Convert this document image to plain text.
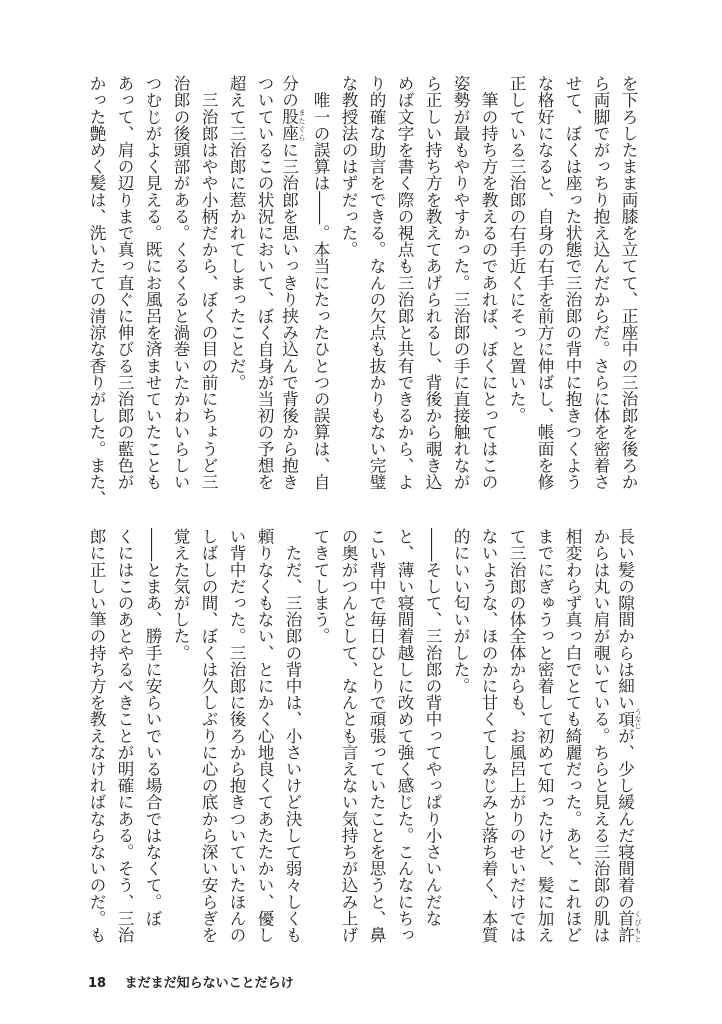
を下ろしたまま両膝を立てて、正座中の三治郎を後ろか
ら両脚でがっちり抱え込んだからだ。さらに体を密着さ
せて、ぼくは座った状態で三治郎の背中に抱きつくよう
な格好になると、自身の右手を前方に伸ばし、帳面を修
正している三治郎の右手近くにそっと置いた。
　筆の持ち方を教えるのであれば、ぼくにとってはこの
姿勢が最もやりやすかった。三治郎の手に直接触れなが
ら正しい持ち方を教えてあげられるし、背後から覗き込
めば文字を書く際の視点も三治郎と共有できるから、よ
り的確な助言をできる。なんの欠点も抜かりもない完璧
な教授法のはずだった。
　唯一の誤算は――。本当にたったひとつの誤算は、自
分の股座 またぐらに三治郎を思いっきり挟み込んで背後から抱き
ついているこの状況において、ぼく自身が当初の予想を
超えて三治郎に惹かれてしまったことだ。
　三治郎はやや小柄だから、ぼくの目の前にちょうど三
治郎の後頭部がある。くるくると渦巻いたかわいらしい
つむじがよく見える。既にお風呂を済ませていたことも
あって、肩の辺りまで真っ直ぐに伸びる三治郎の藍色が
かった艶めく髪は、洗いたての清涼な香りがした。また、
長い髪の隙間からは細い項 うなじが、少し緩んだ寝間着の首許 くびもと
からは丸い肩が覗いている。ちらと見える三治郎の肌は
相変わらず真っ白でとても綺麗だった。あと、これほど
までにぎゅうっと密着して初めて知ったけど、髪に加え
て三治郎の体全体からも、お風呂上がりのせいだけでは
ないような、ほのかに甘くてしみじみと落ち着く、本質
的にいい匂いがした。
――そして、三治郎の背中ってやっぱり小さいんだな
と、薄い寝間着越しに改めて強く感じた。こんなにちっ
こい背中で毎日ひとりで頑張っていたことを思うと、鼻
の奥がつんとして、なんとも言えない気持ちが込み上げ
てきてしまう。
　ただ、三治郎の背中は、小さいけど決して弱々しくも
頼りなくもない、とにかく心地良くてあたたかい、優し
い背中だった。三治郎に後ろから抱きついていたほんの
しばしの間、ぼくは久しぶりに心の底から深い安らぎを
覚えた気がした。
――とまあ、勝手に安らいでいる場合ではなくて。ぼ
くにはこのあとやるべきことが明確にある。そう、三治
郎に正しい筆の持ち方を教えなければならないのだ。も
18 まだまだ知らないことだらけ
